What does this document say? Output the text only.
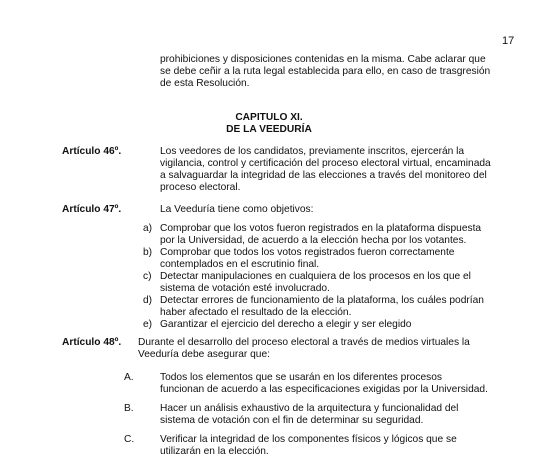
17
prohibiciones y disposiciones contenidas en la misma. Cabe aclarar que
se debe ceñir a la ruta legal establecida para ello, en caso de trasgresión
de esta Resolución.
CAPITULO XI.
DE LA VEEDURÍA
Artículo 46º.	Los veedores de los candidatos, previamente inscritos, ejercerán la
vigilancia, control y certificación del proceso electoral virtual, encaminada
a salvaguardar la integridad de las elecciones a través del monitoreo del
proceso electoral.
Artículo 47º.	La Veeduría tiene como objetivos:
a) Comprobar que los votos fueron registrados en la plataforma dispuesta
por la Universidad, de acuerdo a la elección hecha por los votantes.
b) Comprobar que todos los votos registrados fueron correctamente
contemplados en el escrutinio final.
c) Detectar manipulaciones en cualquiera de los procesos en los que el
sistema de votación esté involucrado.
d) Detectar errores de funcionamiento de la plataforma, los cuáles podrían
haber afectado el resultado de la elección.
e) Garantizar el ejercicio del derecho a elegir y ser elegido
Artículo 48º. Durante el desarrollo del proceso electoral a través de medios virtuales la
Veeduría debe asegurar que:
A.	Todos los elementos que se usarán en los diferentes procesos
funcionan de acuerdo a las especificaciones exigidas por la Universidad.
B.	Hacer un análisis exhaustivo de la arquitectura y funcionalidad del
sistema de votación con el fin de determinar su seguridad.
C.	Verificar la integridad de los componentes físicos y lógicos que se
utilizarán en la elección.
